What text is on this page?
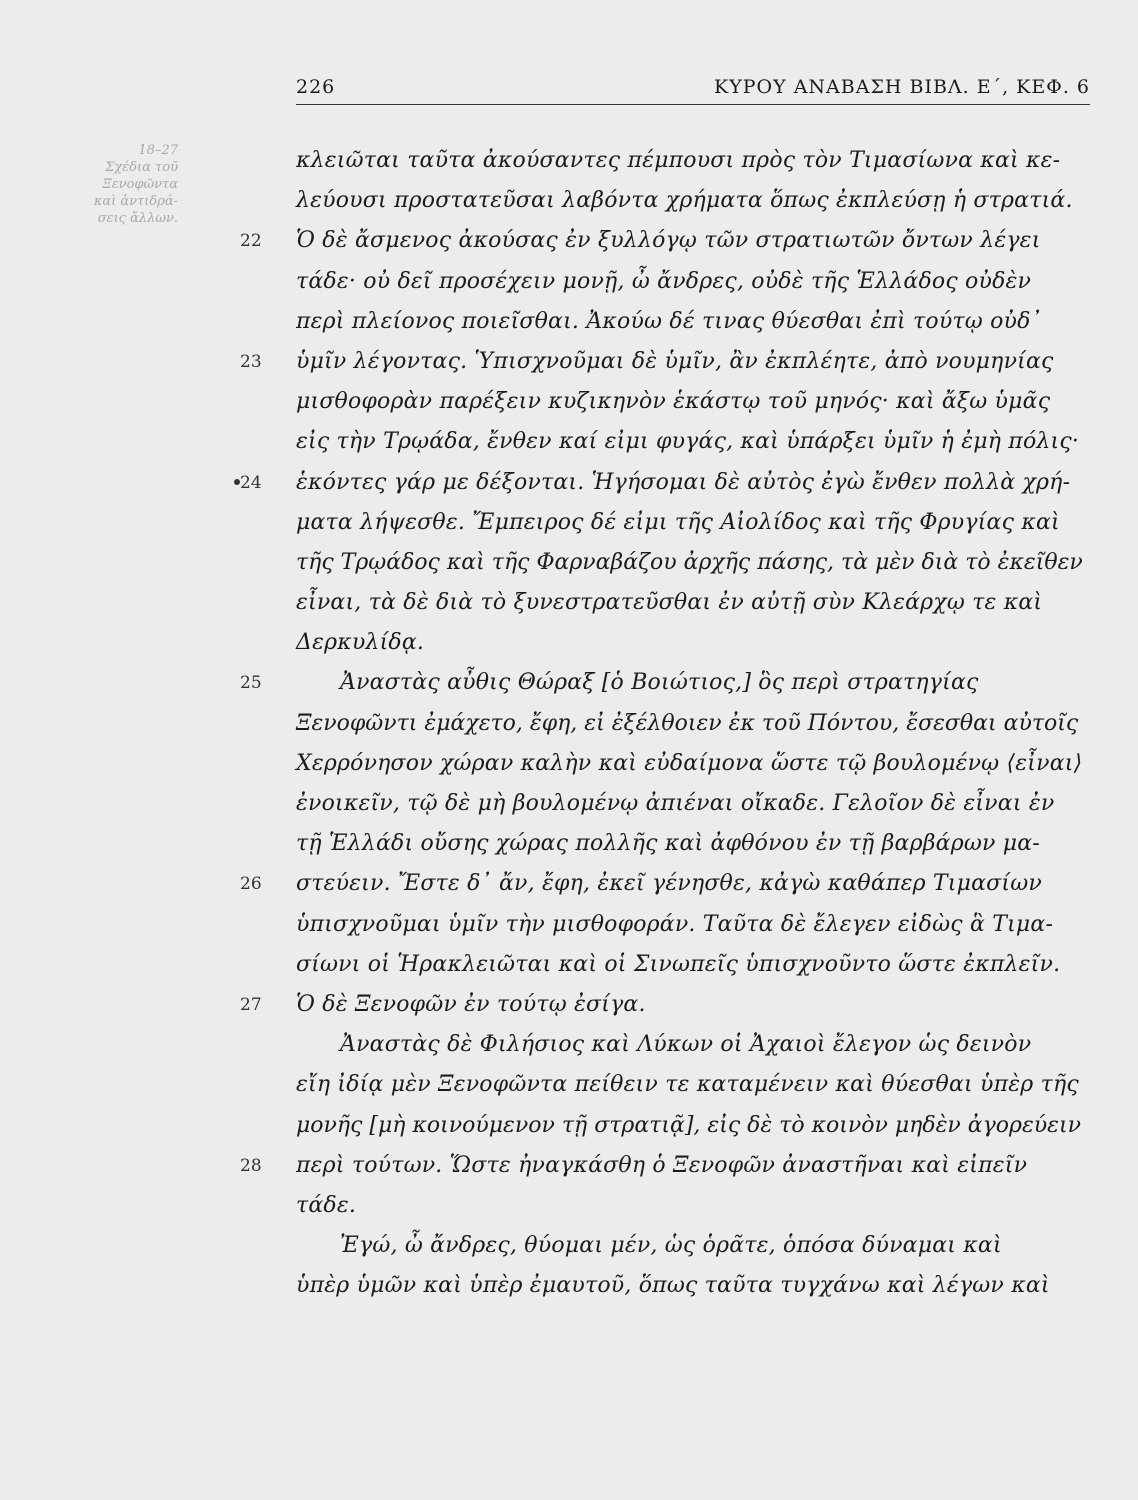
226	ΚΥΡΟΥ ΑΝΑΒΑΣΗ ΒΙΒΛ. Ε΄, ΚΕΦ. 6
18–27
Σχέδια τοῦ
Ξενοφῶντα
καὶ ἀντιδρά-
σεις ἄλλων.
κλειῶται ταῦτα ἀκούσαντες πέμπουσι πρὸς τὸν Τιμασίωνα καὶ κε-
λεύουσι προστατεῦσαι λαβόντα χρήματα ὅπως ἐκπλεύσῃ ἡ στρατιά.
22	Ὁ δὲ ἄσμενος ἀκούσας ἐν ξυλλόγῳ τῶν στρατιωτῶν ὄντων λέγει
τάδε· οὐ δεῖ προσέχειν μονῇ, ὦ ἄνδρες, οὐδὲ τῆς Ἑλλάδος οὐδὲν
περὶ πλείονος ποιεῖσθαι. Ἀκούω δέ τινας θύεσθαι ἐπὶ τούτῳ οὐδ᾽
23	ὑμῖν λέγοντας. Ὑπισχνοῦμαι δὲ ὑμῖν, ἂν ἐκπλέητε, ἀπὸ νουμηνίας
μισθοφορὰν παρέξειν κυζικηνὸν ἑκάστῳ τοῦ μηνός· καὶ ἄξω ὑμᾶς
εἰς τὴν Τρῳάδα, ἔνθεν καί εἰμι φυγάς, καὶ ὑπάρξει ὑμῖν ἡ ἐμὴ πόλις·
24	ἑκόντες γάρ με δέξονται. Ἡγήσομαι δὲ αὐτὸς ἐγὼ ἔνθεν πολλὰ χρή-
ματα λήψεσθε. Ἔμπειρος δέ εἰμι τῆς Αἰολίδος καὶ τῆς Φρυγίας καὶ
τῆς Τρῳάδος καὶ τῆς Φαρναβάζου ἀρχῆς πάσης, τὰ μὲν διὰ τὸ ἐκεῖθεν
εἶναι, τὰ δὲ διὰ τὸ ξυνεστρατεῦσθαι ἐν αὐτῇ σὺν Κλεάρχῳ τε καὶ
Δερκυλίδᾳ.
25	Ἀναστὰς αὖθις Θώραξ [ὁ Βοιώτιος,] ὃς περὶ στρατηγίας
Ξενοφῶντι ἐμάχετο, ἔφη, εἰ ἐξέλθοιεν ἐκ τοῦ Πόντου, ἔσεσθαι αὐτοῖς
Χερρόνησον χώραν καλὴν καὶ εὐδαίμονα ὥστε τῷ βουλομένῳ ⟨εἶναι⟩
ἐνοικεῖν, τῷ δὲ μὴ βουλομένῳ ἀπιέναι οἴκαδε. Γελοῖον δὲ εἶναι ἐν
τῇ Ἑλλάδι οὔσης χώρας πολλῆς καὶ ἀφθόνου ἐν τῇ βαρβάρων μα-
26	στεύειν. Ἔστε δ᾽ ἄν, ἔφη, ἐκεῖ γένησθε, κἀγὼ καθάπερ Τιμασίων
ὑπισχνοῦμαι ὑμῖν τὴν μισθοφοράν. Ταῦτα δὲ ἔλεγεν εἰδὼς ἃ Τιμα-
σίωνι οἱ Ἡρακλειῶται καὶ οἱ Σινωπεῖς ὑπισχνοῦντο ὥστε ἐκπλεῖν.
27	Ὁ δὲ Ξενοφῶν ἐν τούτῳ ἐσίγα.
Ἀναστὰς δὲ Φιλήσιος καὶ Λύκων οἱ Ἀχαιοὶ ἔλεγον ὡς δεινὸν
εἴη ἰδίᾳ μὲν Ξενοφῶντα πείθειν τε καταμένειν καὶ θύεσθαι ὑπὲρ τῆς
μονῆς [μὴ κοινούμενον τῇ στρατιᾷ], εἰς δὲ τὸ κοινὸν μηδὲν ἀγορεύειν
28	περὶ τούτων. Ὥστε ἠναγκάσθη ὁ Ξενοφῶν ἀναστῆναι καὶ εἰπεῖν
τάδε.
Ἐγώ, ὦ ἄνδρες, θύομαι μέν, ὡς ὁρᾶτε, ὁπόσα δύναμαι καὶ
ὑπὲρ ὑμῶν καὶ ὑπὲρ ἐμαυτοῦ, ὅπως ταῦτα τυγχάνω καὶ λέγων καὶ
